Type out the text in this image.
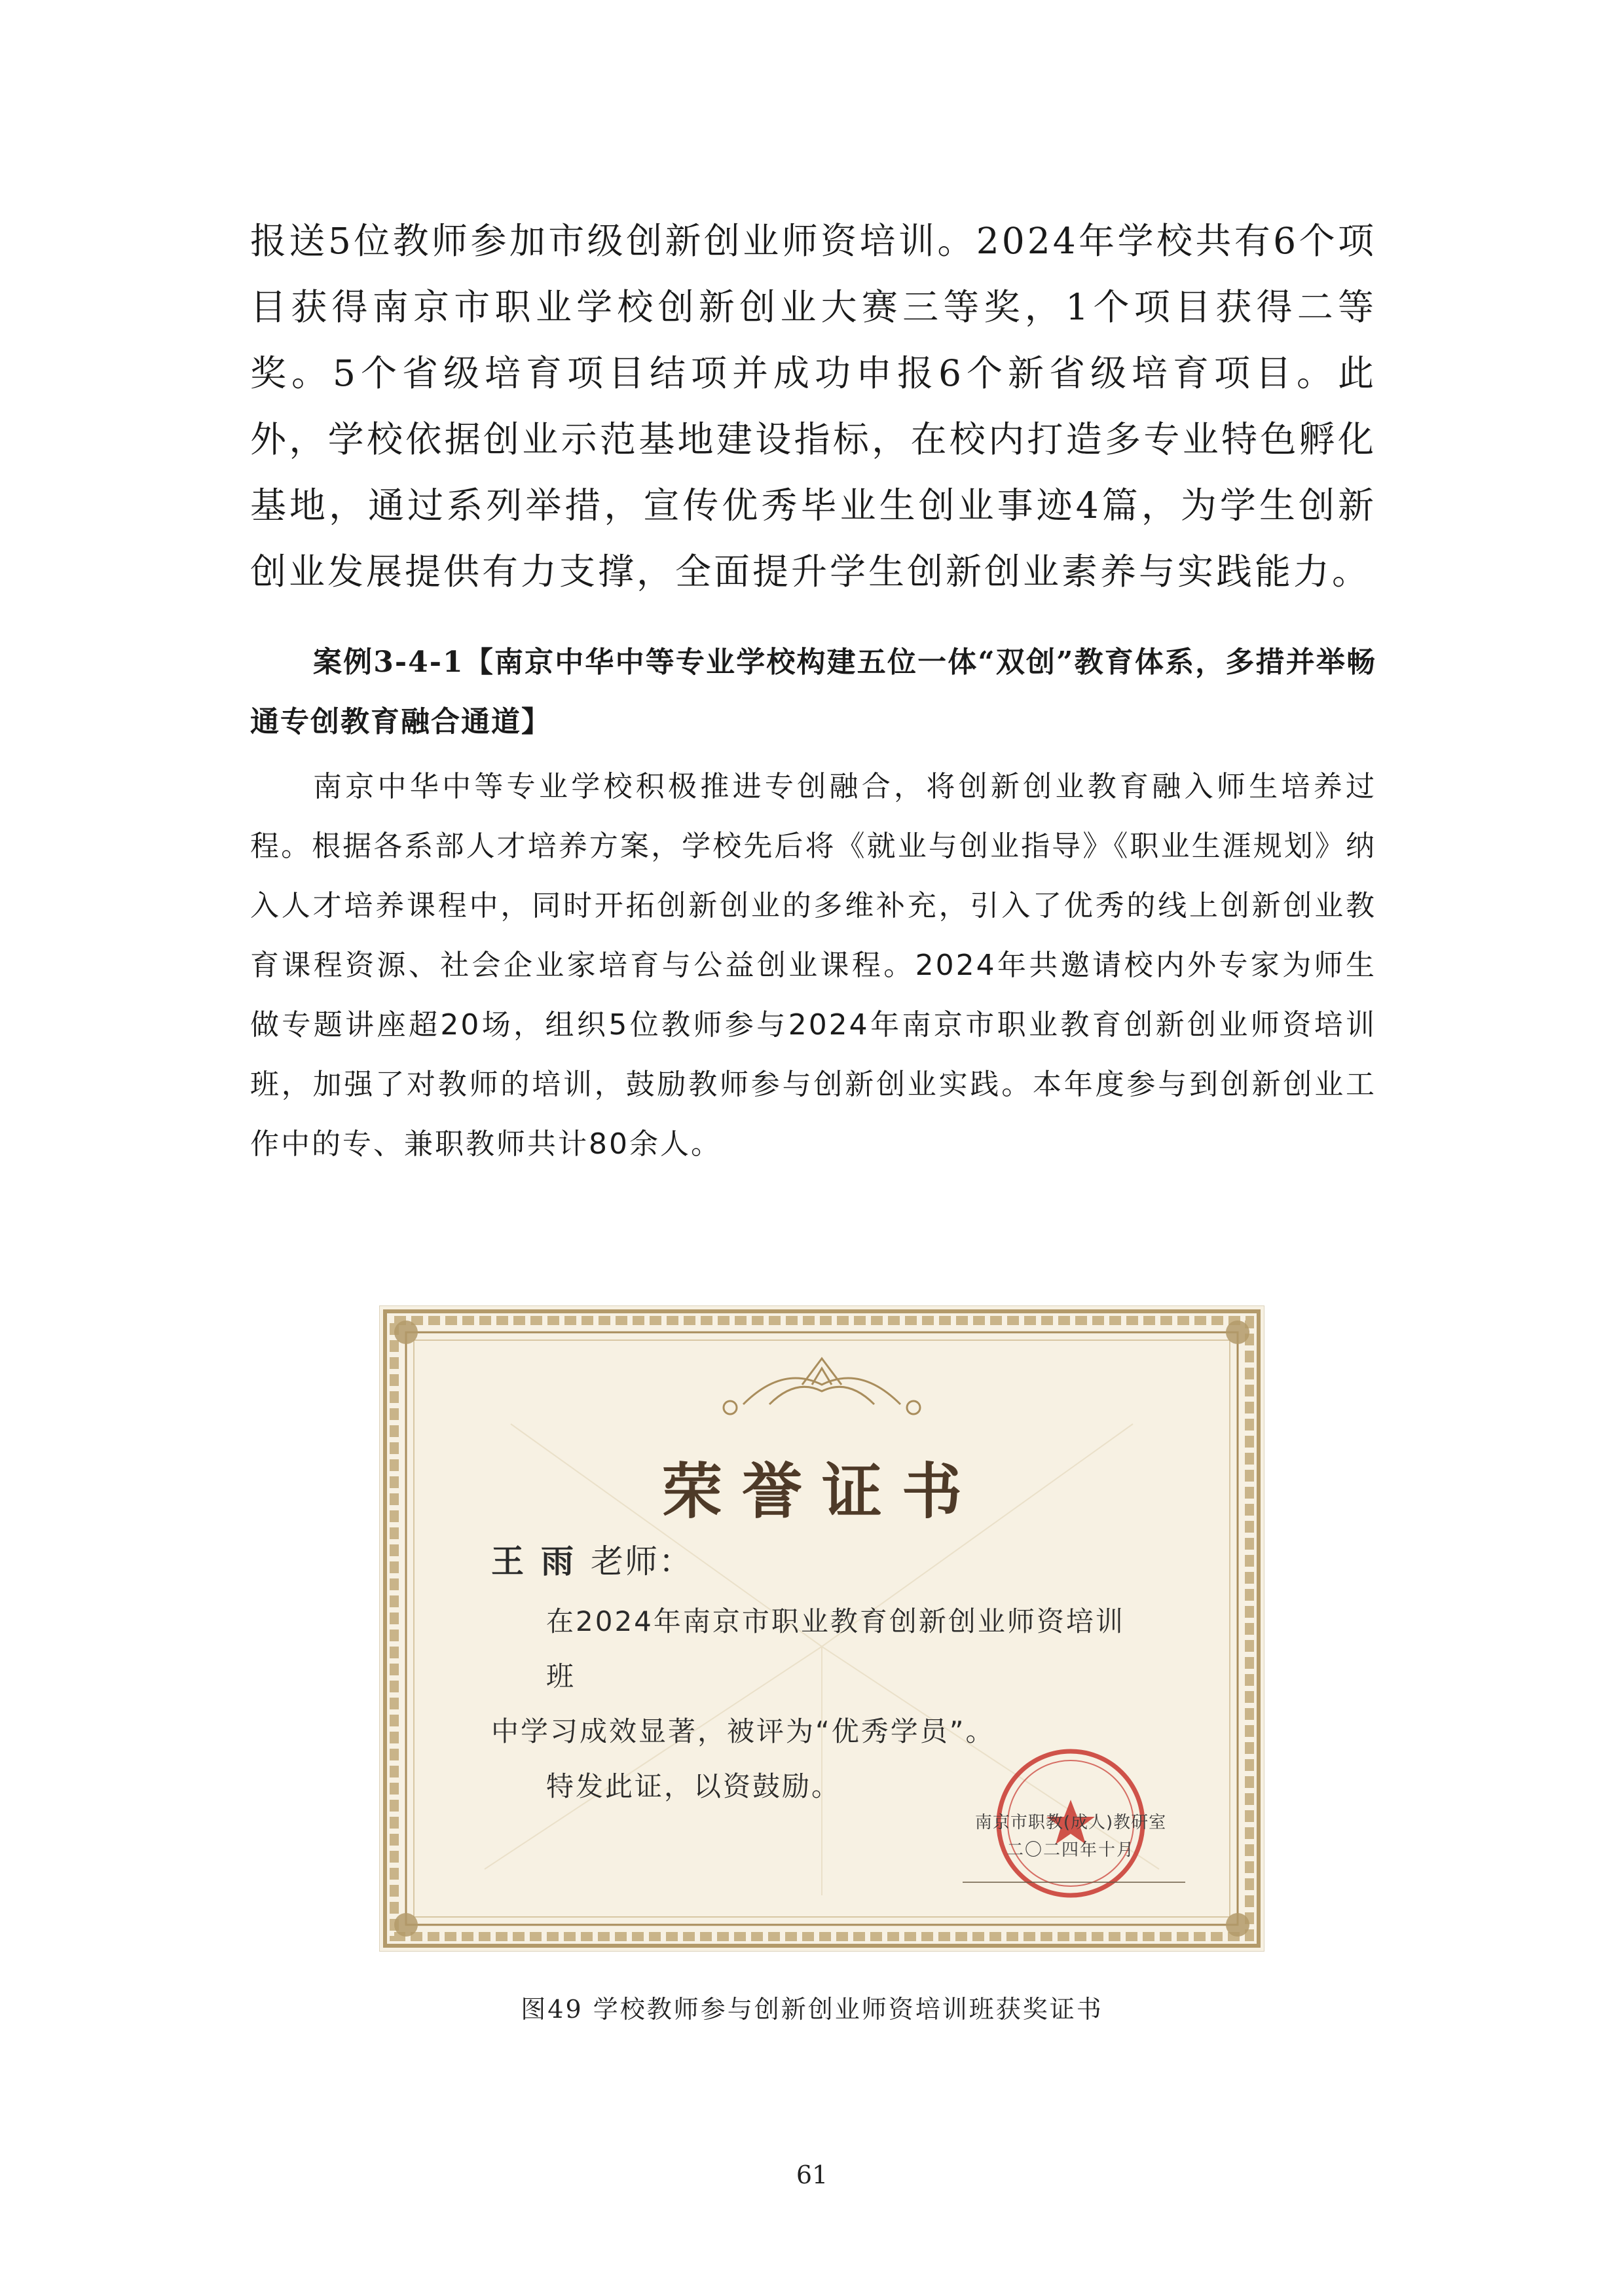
报送5位教师参加市级创新创业师资培训。2024年学校共有6个项目获得南京市职业学校创新创业大赛三等奖，1个项目获得二等奖。5个省级培育项目结项并成功申报6个新省级培育项目。此外，学校依据创业示范基地建设指标，在校内打造多专业特色孵化基地，通过系列举措，宣传优秀毕业生创业事迹4篇，为学生创新创业发展提供有力支撑，全面提升学生创新创业素养与实践能力。

案例3-4-1【南京中华中等专业学校构建五位一体“双创”教育体系，多措并举畅通专创教育融合通道】

南京中华中等专业学校积极推进专创融合，将创新创业教育融入师生培养过程。根据各系部人才培养方案，学校先后将《就业与创业指导》《职业生涯规划》纳入人才培养课程中，同时开拓创新创业的多维补充，引入了优秀的线上创新创业教育课程资源、社会企业家培育与公益创业课程。2024年共邀请校内外专家为师生做专题讲座超20场，组织5位教师参与2024年南京市职业教育创新创业师资培训班，加强了对教师的培训，鼓励教师参与创新创业实践。本年度参与到创新创业工作中的专、兼职教师共计80余人。

荣誉证书
王雨老师：
在2024年南京市职业教育创新创业师资培训班
中学习成效显著，被评为“优秀学员”。
特发此证，以资鼓励。
南京市职教(成人)教研室
二〇二四年十月
图49 学校教师参与创新创业师资培训班获奖证书
61
